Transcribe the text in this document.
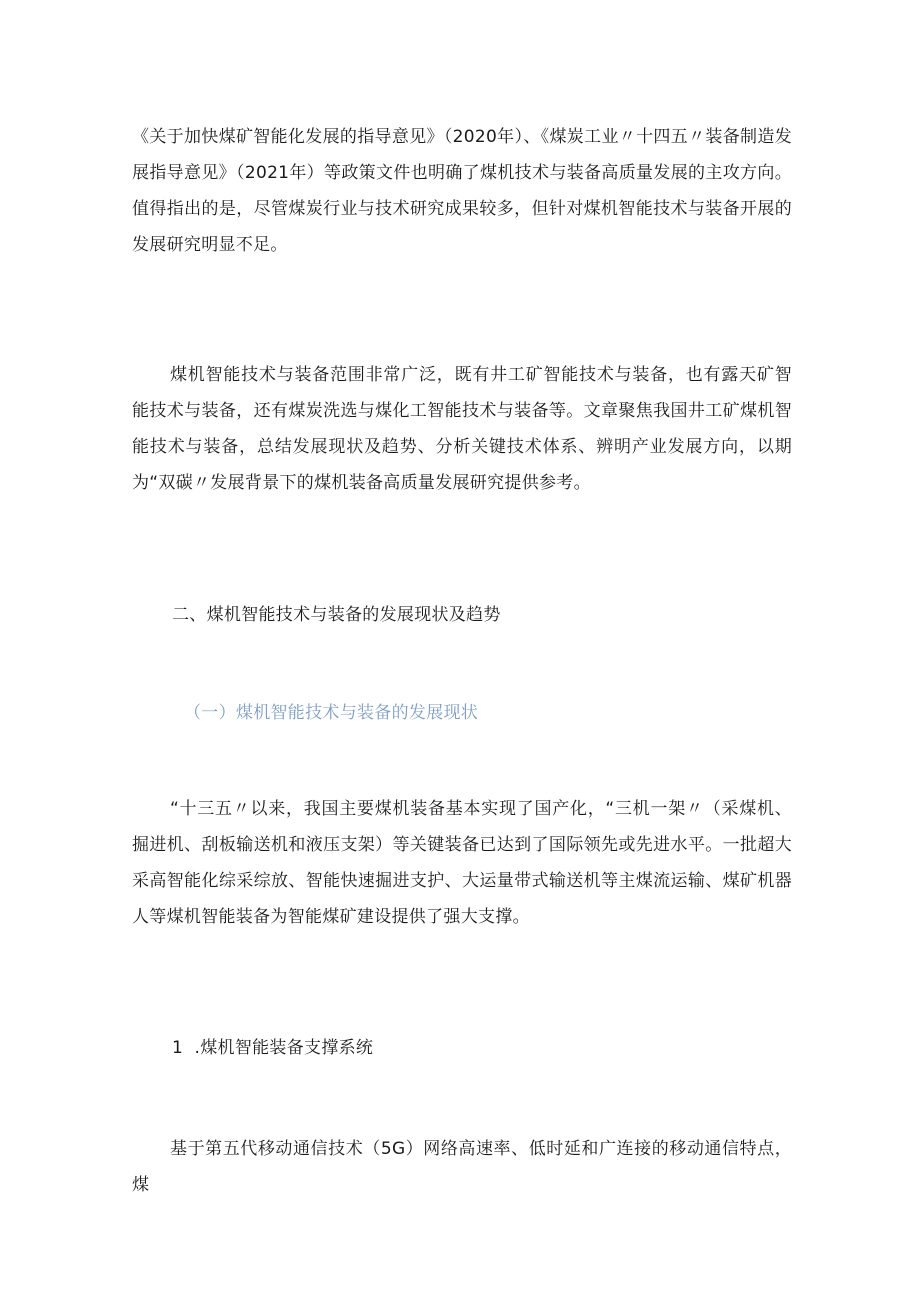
《关于加快煤矿智能化发展的指导意见》（2020年）、《煤炭工业〃十四五〃装备制造发展指导意见》（2021年）等政策文件也明确了煤机技术与装备高质量发展的主攻方向。值得指出的是，尽管煤炭行业与技术研究成果较多，但针对煤机智能技术与装备开展的发展研究明显不足。

煤机智能技术与装备范围非常广泛，既有井工矿智能技术与装备，也有露天矿智能技术与装备，还有煤炭洗选与煤化工智能技术与装备等。文章聚焦我国井工矿煤机智能技术与装备，总结发展现状及趋势、分析关键技术体系、辨明产业发展方向，以期为“双碳〃发展背景下的煤机装备高质量发展研究提供参考。

二、煤机智能技术与装备的发展现状及趋势

（一）煤机智能技术与装备的发展现状

“十三五〃以来，我国主要煤机装备基本实现了国产化，“三机一架〃（采煤机、掘进机、刮板输送机和液压支架）等关键装备已达到了国际领先或先进水平。一批超大采高智能化综采综放、智能快速掘进支护、大运量带式输送机等主煤流运输、煤矿机器人等煤机智能装备为智能煤矿建设提供了强大支撑。

1  .煤机智能装备支撑系统

基于第五代移动通信技术（5G）网络高速率、低时延和广连接的移动通信特点，煤
